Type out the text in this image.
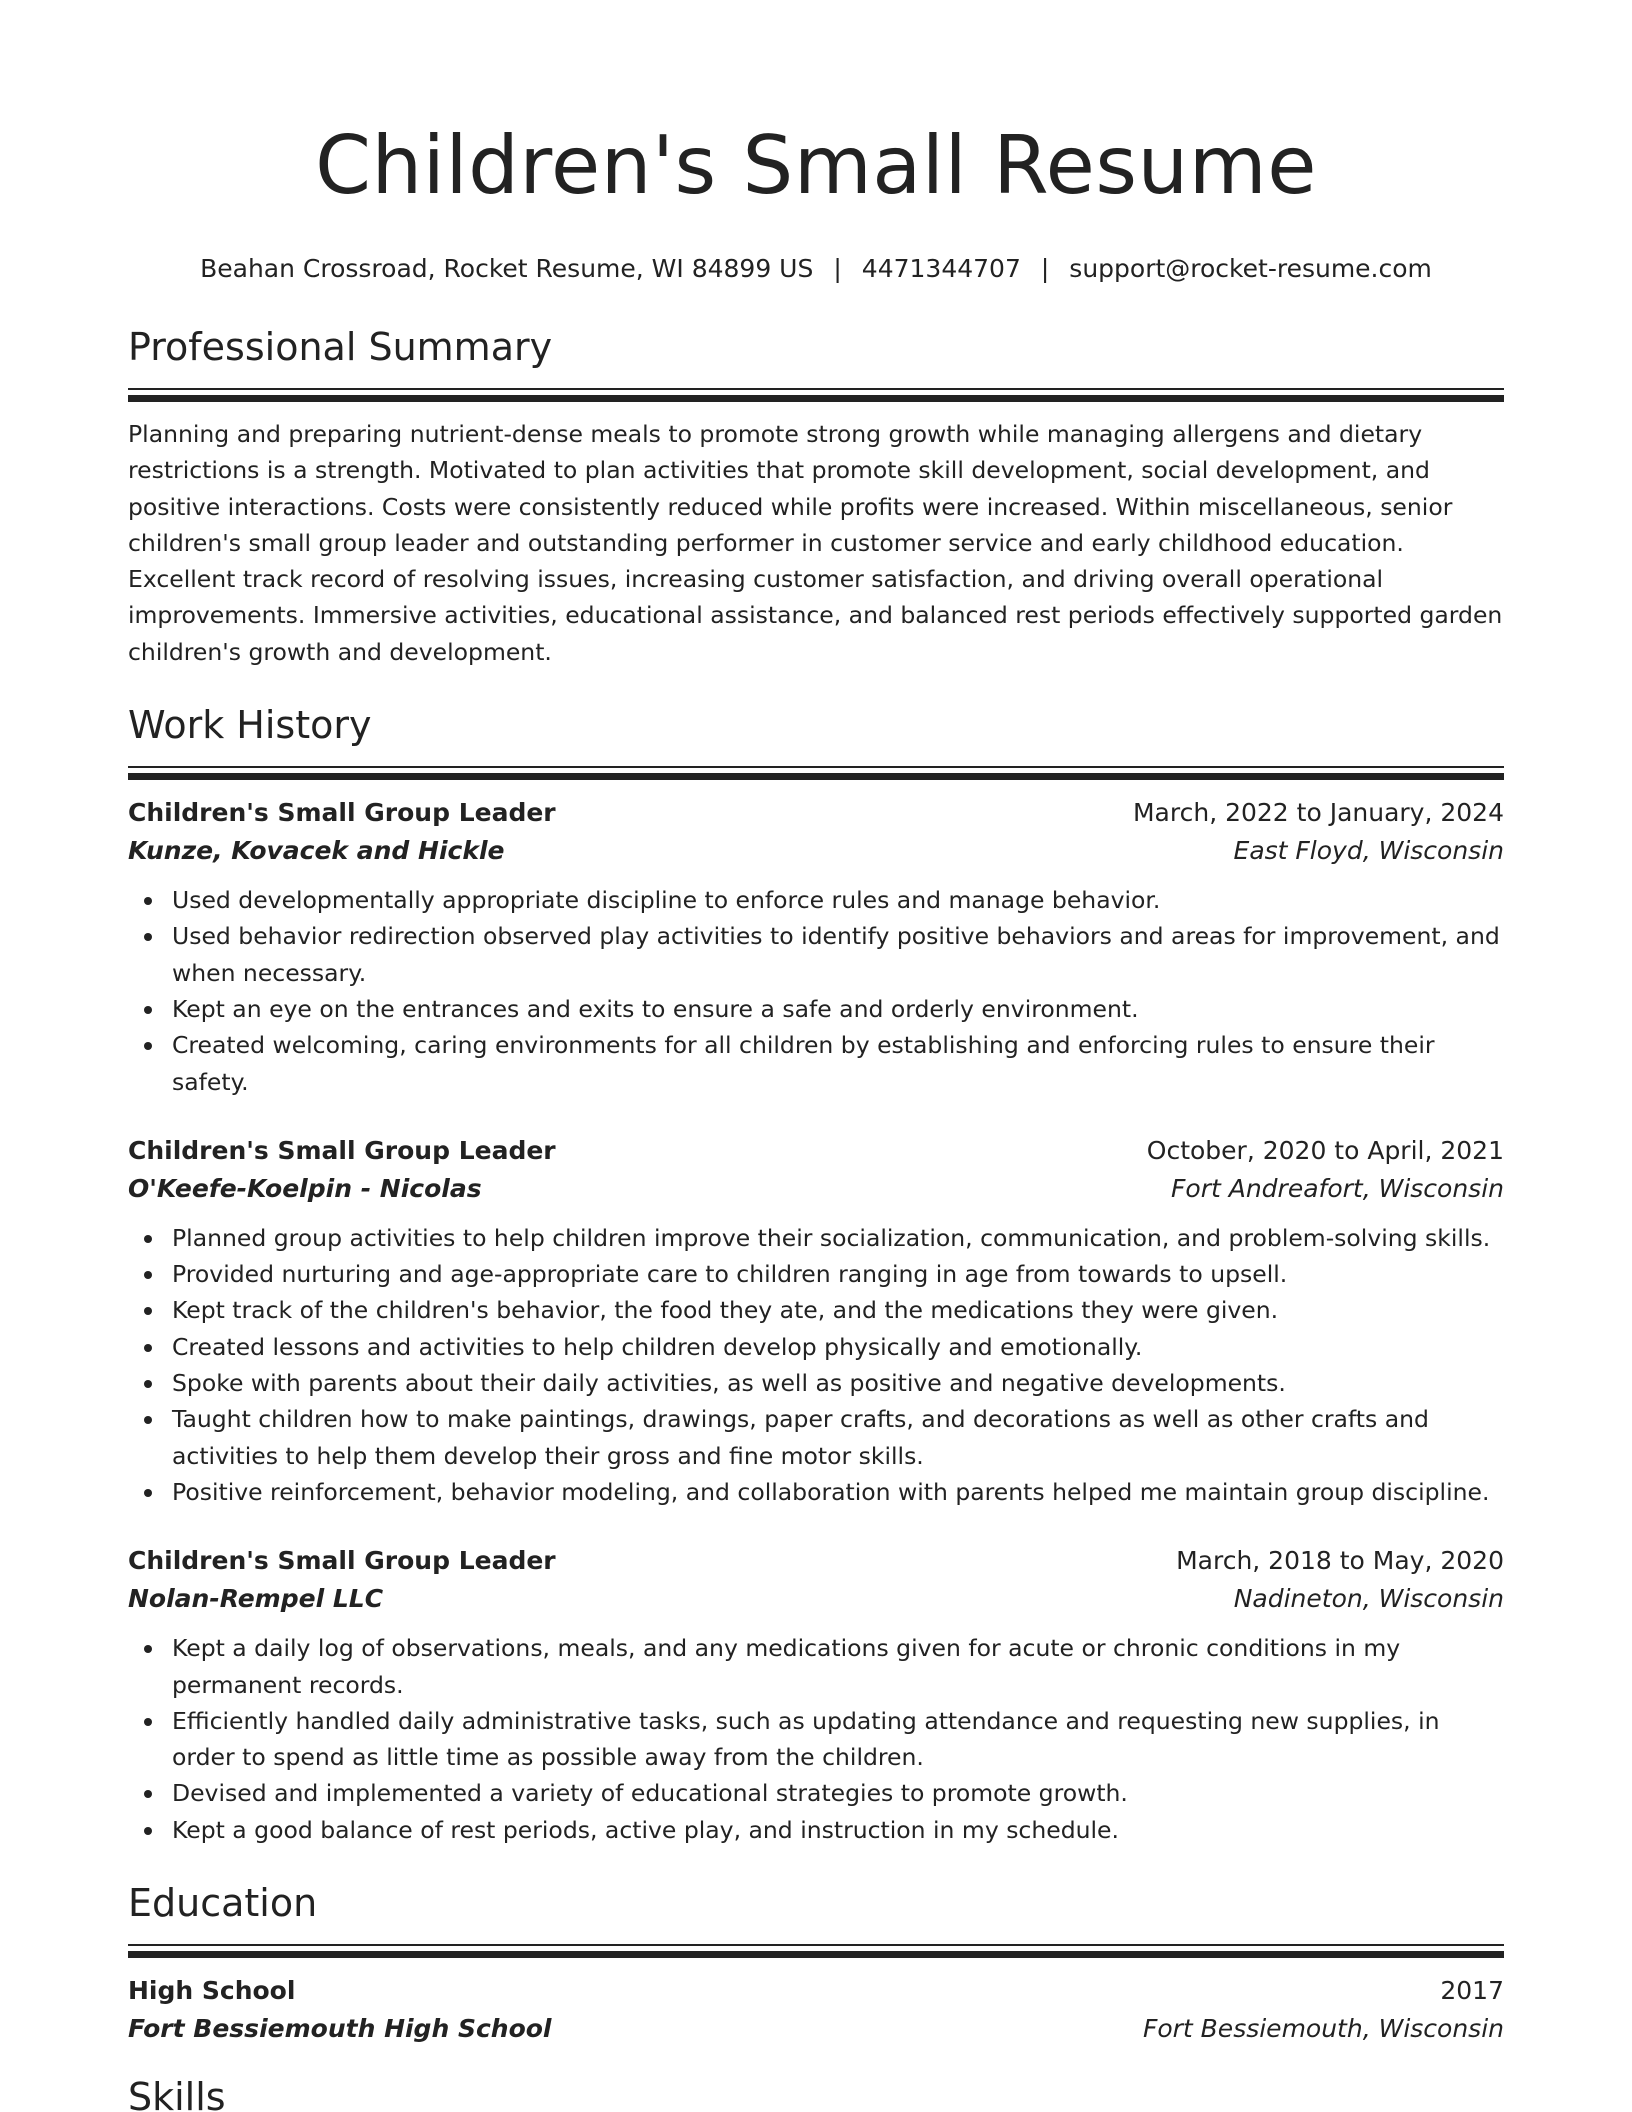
Children's Small Resume
Beahan Crossroad, Rocket Resume, WI 84899 US | 4471344707 | support@rocket-resume.com
Professional Summary

Planning and preparing nutrient-dense meals to promote strong growth while managing allergens and dietary restrictions is a strength. Motivated to plan activities that promote skill development, social development, and positive interactions. Costs were consistently reduced while profits were increased. Within miscellaneous, senior children's small group leader and outstanding performer in customer service and early childhood education. Excellent track record of resolving issues, increasing customer satisfaction, and driving overall operational improvements. Immersive activities, educational assistance, and balanced rest periods effectively supported garden children's growth and development.

Work History
Children's Small Group Leader	March, 2022 to January, 2024
Kunze, Kovacek and Hickle	East Floyd, Wisconsin
Used developmentally appropriate discipline to enforce rules and manage behavior.
Used behavior redirection observed play activities to identify positive behaviors and areas for improvement, and when necessary.
Kept an eye on the entrances and exits to ensure a safe and orderly environment.
Created welcoming, caring environments for all children by establishing and enforcing rules to ensure their safety.
Children's Small Group Leader	October, 2020 to April, 2021
O'Keefe-Koelpin - Nicolas	Fort Andreafort, Wisconsin
Planned group activities to help children improve their socialization, communication, and problem-solving skills.
Provided nurturing and age-appropriate care to children ranging in age from towards to upsell.
Kept track of the children's behavior, the food they ate, and the medications they were given.
Created lessons and activities to help children develop physically and emotionally.
Spoke with parents about their daily activities, as well as positive and negative developments.
Taught children how to make paintings, drawings, paper crafts, and decorations as well as other crafts and activities to help them develop their gross and fine motor skills.
Positive reinforcement, behavior modeling, and collaboration with parents helped me maintain group discipline.
Children's Small Group Leader	March, 2018 to May, 2020
Nolan-Rempel LLC	Nadineton, Wisconsin
Kept a daily log of observations, meals, and any medications given for acute or chronic conditions in my permanent records.
Efficiently handled daily administrative tasks, such as updating attendance and requesting new supplies, in order to spend as little time as possible away from the children.
Devised and implemented a variety of educational strategies to promote growth.
Kept a good balance of rest periods, active play, and instruction in my schedule.
Education
High School	2017
Fort Bessiemouth High School	Fort Bessiemouth, Wisconsin
Skills
